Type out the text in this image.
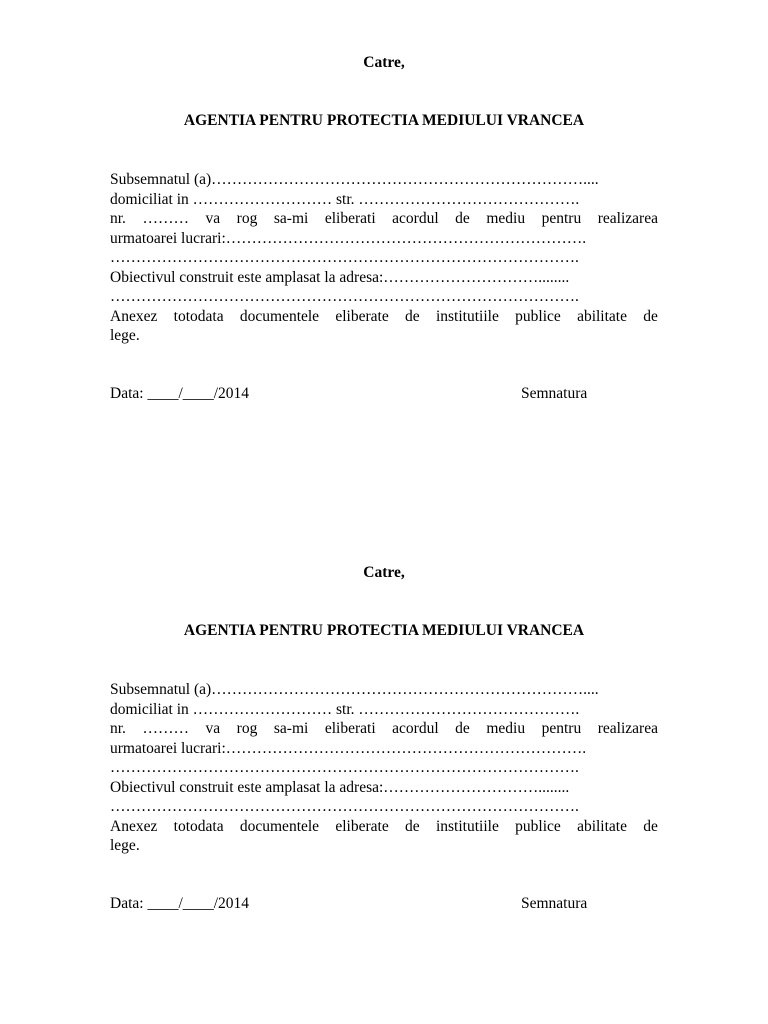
Catre,
AGENTIA PENTRU PROTECTIA MEDIULUI VRANCEA
Subsemnatul (a)………………………………………………………………....
domiciliat in ……………………… str. …………………………………….
nr. ……… va rog sa-mi eliberati acordul de mediu pentru realizarea
urmatoarei lucrari:…………………………………………………………….
……………………………………………………………………………….
Obiectivul construit este amplasat la adresa:…………………………........
……………………………………………………………………………….
Anexez totodata documentele eliberate de institutiile publice abilitate de
lege.
Data: ____/____/2014	Semnatura
Catre,
AGENTIA PENTRU PROTECTIA MEDIULUI VRANCEA
Subsemnatul (a)………………………………………………………………....
domiciliat in ……………………… str. …………………………………….
nr. ……… va rog sa-mi eliberati acordul de mediu pentru realizarea
urmatoarei lucrari:…………………………………………………………….
……………………………………………………………………………….
Obiectivul construit este amplasat la adresa:…………………………........
……………………………………………………………………………….
Anexez totodata documentele eliberate de institutiile publice abilitate de
lege.
Data: ____/____/2014	Semnatura
